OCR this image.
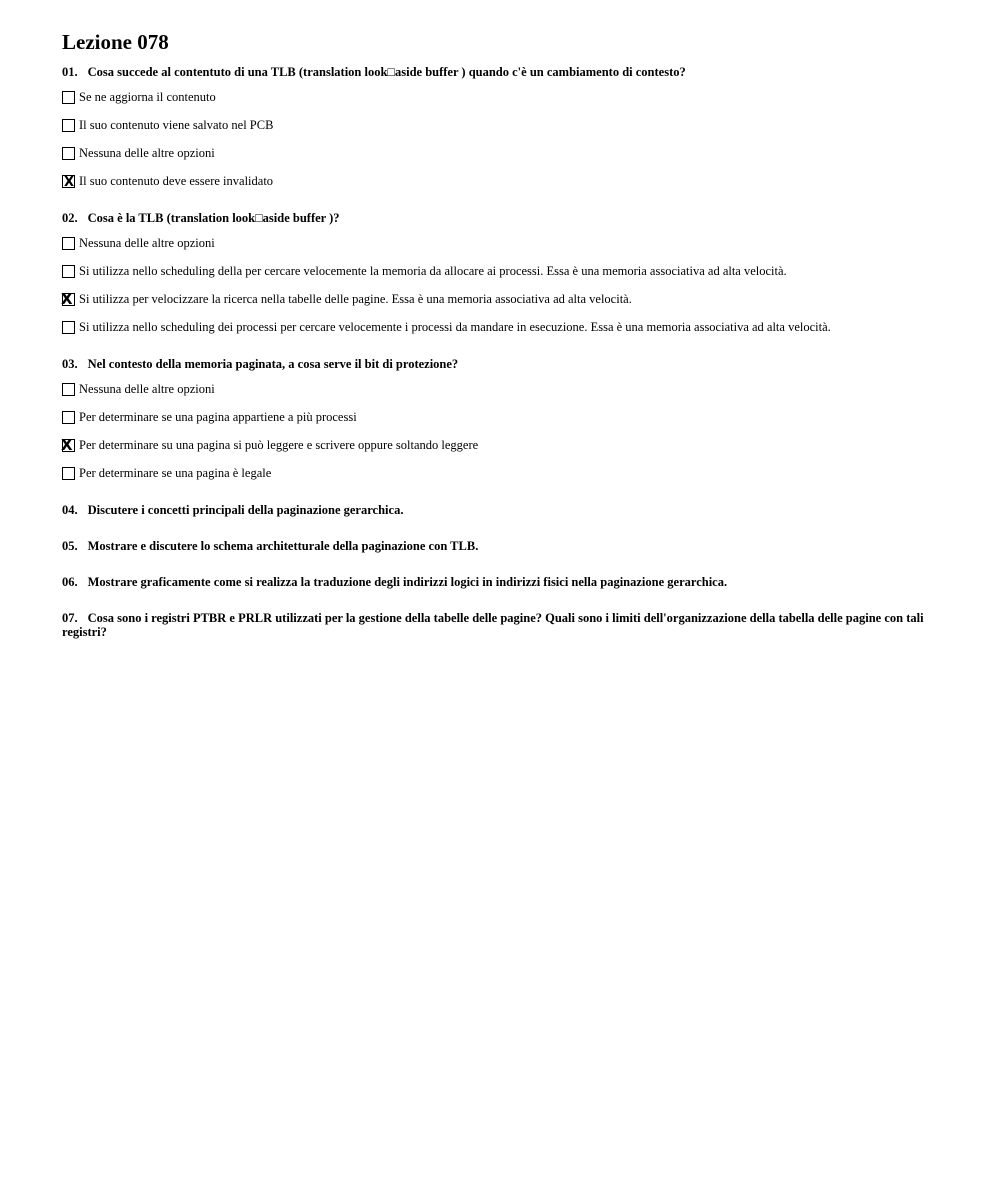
Lezione 078
01. Cosa succede al contentuto di una TLB (translation look□aside buffer ) quando c'è un cambiamento di contesto?
Se ne aggiorna il contenuto
Il suo contenuto viene salvato nel PCB
Nessuna delle altre opzioni
X Il suo contenuto deve essere invalidato
02. Cosa è la TLB (translation look□aside buffer )?
Nessuna delle altre opzioni
Si utilizza nello scheduling della per cercare velocemente la memoria da allocare ai processi. Essa è una memoria associativa ad alta velocità.
X Si utilizza per velocizzare la ricerca nella tabelle delle pagine. Essa è una memoria associativa ad alta velocità.
Si utilizza nello scheduling dei processi per cercare velocemente i processi da mandare in esecuzione. Essa è una memoria associativa ad alta velocità.
03. Nel contesto della memoria paginata, a cosa serve il bit di protezione?
Nessuna delle altre opzioni
Per determinare se una pagina appartiene a più processi
X Per determinare su una pagina si può leggere e scrivere oppure soltando leggere
Per determinare se una pagina è legale
04. Discutere i concetti principali della paginazione gerarchica.
05. Mostrare e discutere lo schema architetturale della paginazione con TLB.
06. Mostrare graficamente come si realizza la traduzione degli indirizzi logici in indirizzi fisici nella paginazione gerarchica.
07. Cosa sono i registri PTBR e PRLR utilizzati per la gestione della tabelle delle pagine? Quali sono i limiti dell'organizzazione della tabella delle pagine con tali registri?
